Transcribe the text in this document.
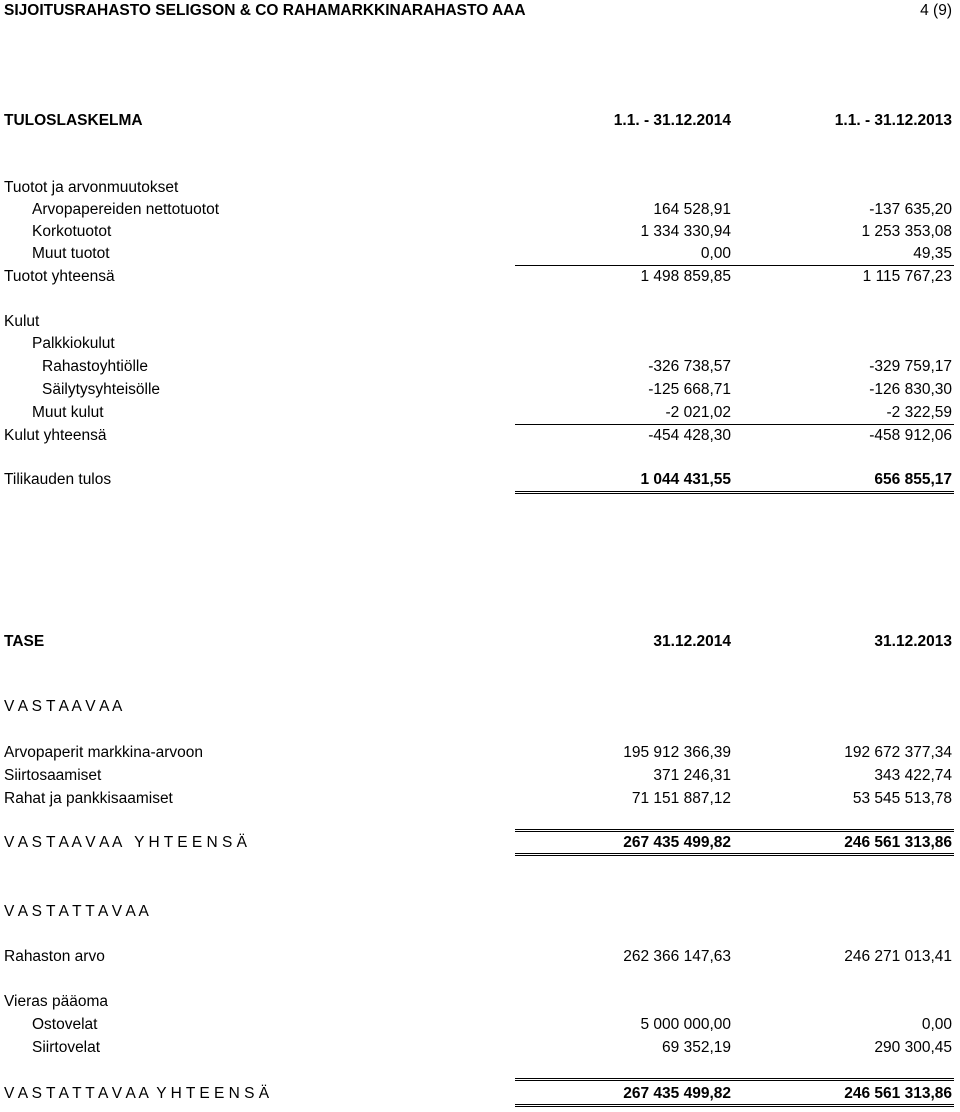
SIJOITUSRAHASTO SELIGSON & CO RAHAMARKKINARAHASTO AAA	4 (9)
TULOSLASKELMA	1.1. - 31.12.2014	1.1. - 31.12.2013
Tuotot ja arvonmuutokset
Arvopapereiden nettotuotot	164 528,91	-137 635,20
Korkotuotot	1 334 330,94	1 253 353,08
Muut tuotot	0,00	49,35
Tuotot yhteensä	1 498 859,85	1 115 767,23
Kulut
Palkkiokulut
Rahastoyhtiölle	-326 738,57	-329 759,17
Säilytysyhteisölle	-125 668,71	-126 830,30
Muut kulut	-2 021,02	-2 322,59
Kulut yhteensä	-454 428,30	-458 912,06
Tilikauden tulos	1 044 431,55	656 855,17
TASE	31.12.2014	31.12.2013
V A S T A A V A A
Arvopaperit markkina-arvoon	195 912 366,39	192 672 377,34
Siirtosaamiset	371 246,31	343 422,74
Rahat ja pankkisaamiset	71 151 887,12	53 545 513,78
V A S T A A V A A   Y H T E E N S Ä	267 435 499,82	246 561 313,86
V A S T A T T A V A A
Rahaston arvo	262 366 147,63	246 271 013,41
Vieras pääoma
Ostovelat	5 000 000,00	0,00
Siirtovelat	69 352,19	290 300,45
V A S T A T T A V A A  Y H T E E N S Ä	267 435 499,82	246 561 313,86
